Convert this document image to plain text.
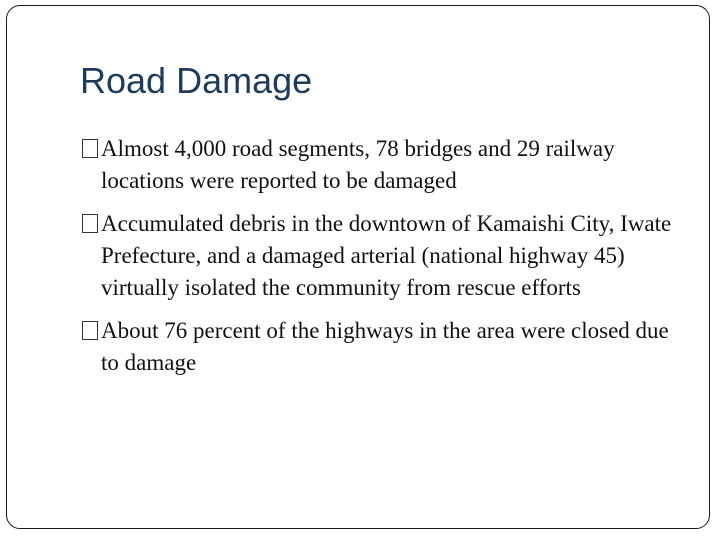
Road Damage
Almost 4,000 road segments, 78 bridges and 29 railway locations were reported to be damaged
Accumulated debris in the downtown of Kamaishi City, Iwate Prefecture, and a damaged arterial (national highway 45) virtually isolated the community from rescue efforts
About 76 percent of the highways in the area were closed due to damage
